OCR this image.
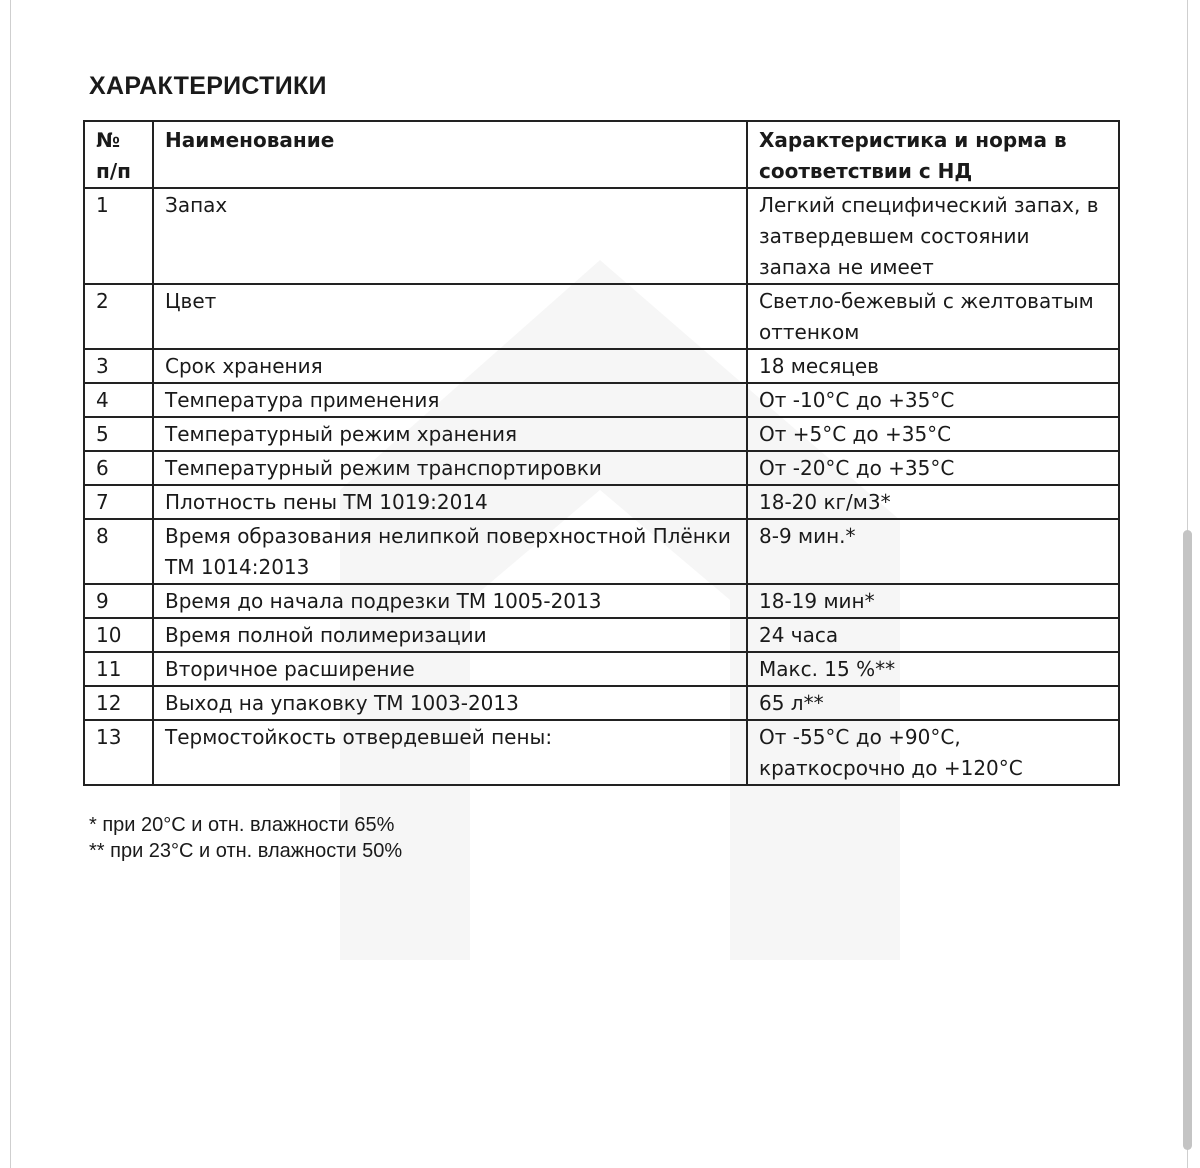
ХАРАКТЕРИСТИКИ
№ п/п	Наименование	Характеристика и норма в соответствии с НД
1	Запах	Легкий специфический запах, в затвердевшем состоянии запаха не имеет
2	Цвет	Светло-бежевый с желтоватым оттенком
3	Срок хранения	18 месяцев
4	Температура применения	От -10°С до +35°С
5	Температурный режим хранения	От +5°С до +35°С
6	Температурный режим транспортировки	От -20°С до +35°С
7	Плотность пены ТМ 1019:2014	18-20 кг/м3*
8	Время образования нелипкой поверхностной Плёнки ТМ 1014:2013	8-9 мин.*
9	Время до начала подрезки ТМ 1005-2013	18-19 мин*
10	Время полной полимеризации	24 часа
11	Вторичное расширение	Макс. 15 %**
12	Выход на упаковку ТМ 1003-2013	65 л**
13	Термостойкость отвердевшей пены:	От -55°С до +90°С, краткосрочно до +120°С
* при 20°С и отн. влажности 65%
** при 23°С и отн. влажности 50%
